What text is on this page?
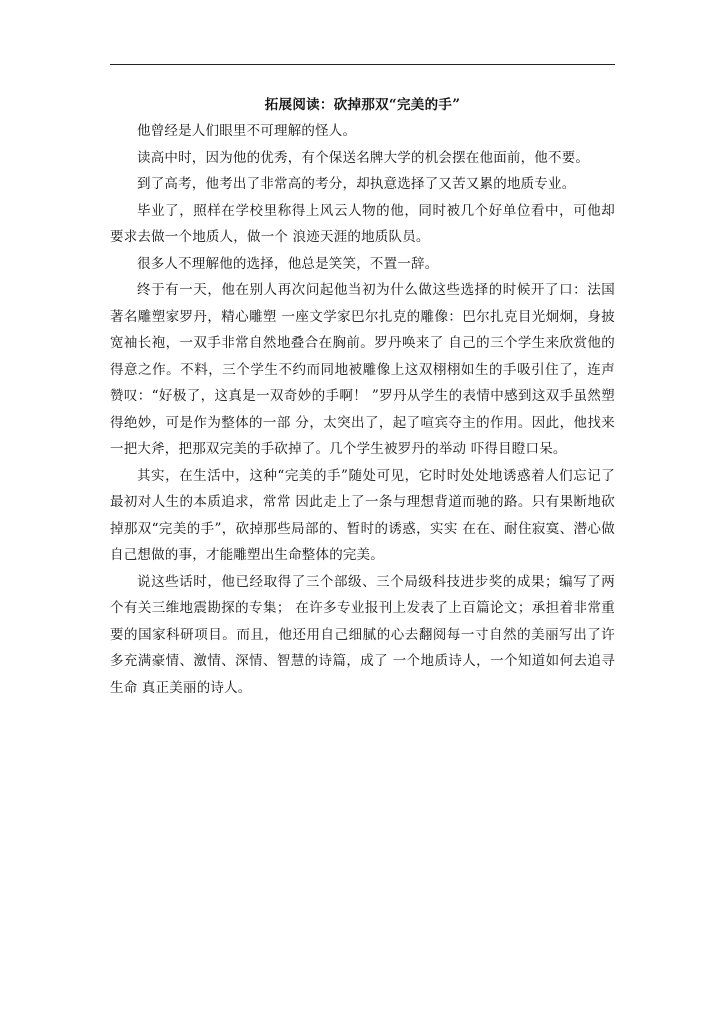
拓展阅读：砍掉那双“完美的手”

他曾经是人们眼里不可理解的怪人。

读高中时，因为他的优秀，有个保送名牌大学的机会摆在他面前，他不要。

到了高考，他考出了非常高的考分，却执意选择了又苦又累的地质专业。

毕业了，照样在学校里称得上风云人物的他，同时被几个好单位看中，可他却要求去做一个地质人，做一个 浪迹天涯的地质队员。

很多人不理解他的选择，他总是笑笑，不置一辞。

终于有一天，他在别人再次问起他当初为什么做这些选择的时候开了口：法国著名雕塑家罗丹，精心雕塑 一座文学家巴尔扎克的雕像：巴尔扎克目光炯炯，身披宽袖长袍，一双手非常自然地叠合在胸前。罗丹唤来了 自己的三个学生来欣赏他的得意之作。不料，三个学生不约而同地被雕像上这双栩栩如生的手吸引住了，连声 赞叹：“好极了，这真是一双奇妙的手啊！ ”罗丹从学生的表情中感到这双手虽然塑得绝妙，可是作为整体的一部 分，太突出了，起了喧宾夺主的作用。因此，他找来一把大斧，把那双完美的手砍掉了。几个学生被罗丹的举动 吓得目瞪口呆。

其实，在生活中，这种“完美的手”随处可见，它时时处处地诱惑着人们忘记了最初对人生的本质追求，常常 因此走上了一条与理想背道而驰的路。只有果断地砍掉那双“完美的手”，砍掉那些局部的、暂时的诱惑，实实 在在、耐住寂寞、潜心做自己想做的事，才能雕塑出生命整体的完美。

说这些话时，他已经取得了三个部级、三个局级科技进步奖的成果；编写了两个有关三维地震勘探的专集； 在许多专业报刊上发表了上百篇论文；承担着非常重要的国家科研项目。而且，他还用自己细腻的心去翻阅每一寸自然的美丽写出了许多充满豪情、激情、深情、智慧的诗篇，成了 一个地质诗人，一个知道如何去追寻生命 真正美丽的诗人。
